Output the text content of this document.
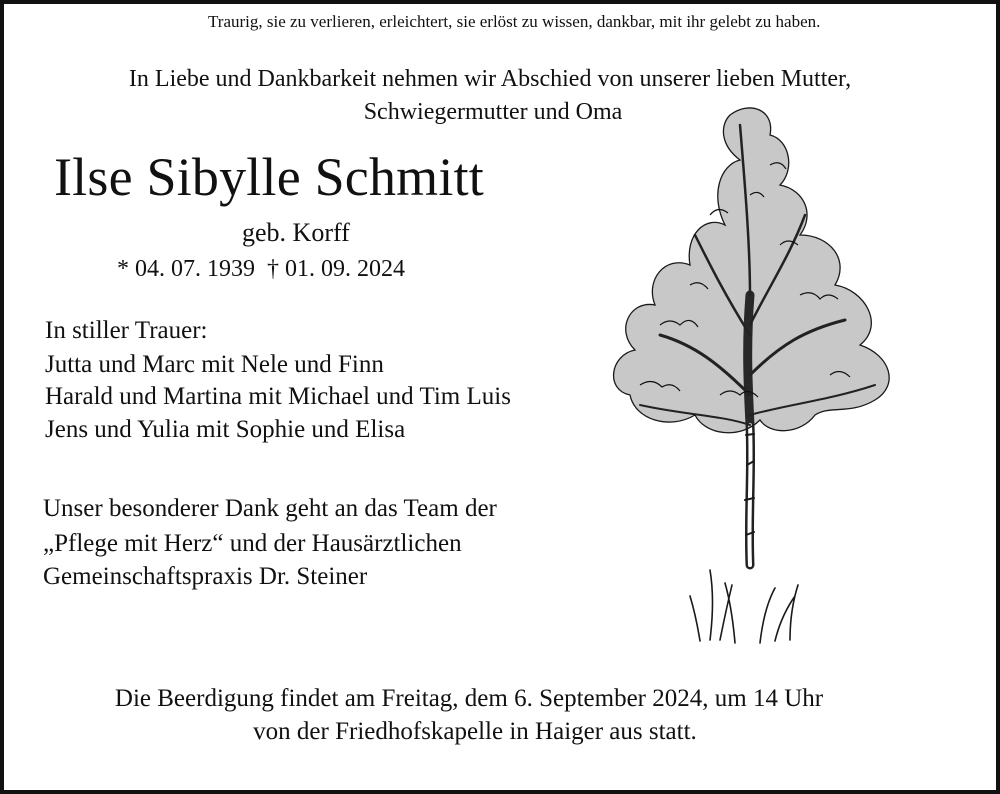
Traurig, sie zu verlieren, erleichtert, sie erlöst zu wissen, dankbar, mit ihr gelebt zu haben.
In Liebe und Dankbarkeit nehmen wir Abschied von unserer lieben Mutter,
Schwiegermutter und Oma
Ilse Sibylle Schmitt
geb. Korff
* 04. 07. 1939  † 01. 09. 2024
In stiller Trauer:
Jutta und Marc mit Nele und Finn
Harald und Martina mit Michael und Tim Luis
Jens und Yulia mit Sophie und Elisa
Unser besonderer Dank geht an das Team der
„Pflege mit Herz“ und der Hausärztlichen
Gemeinschaftspraxis Dr. Steiner
Die Beerdigung findet am Freitag, dem 6. September 2024, um 14 Uhr
von der Friedhofskapelle in Haiger aus statt.
